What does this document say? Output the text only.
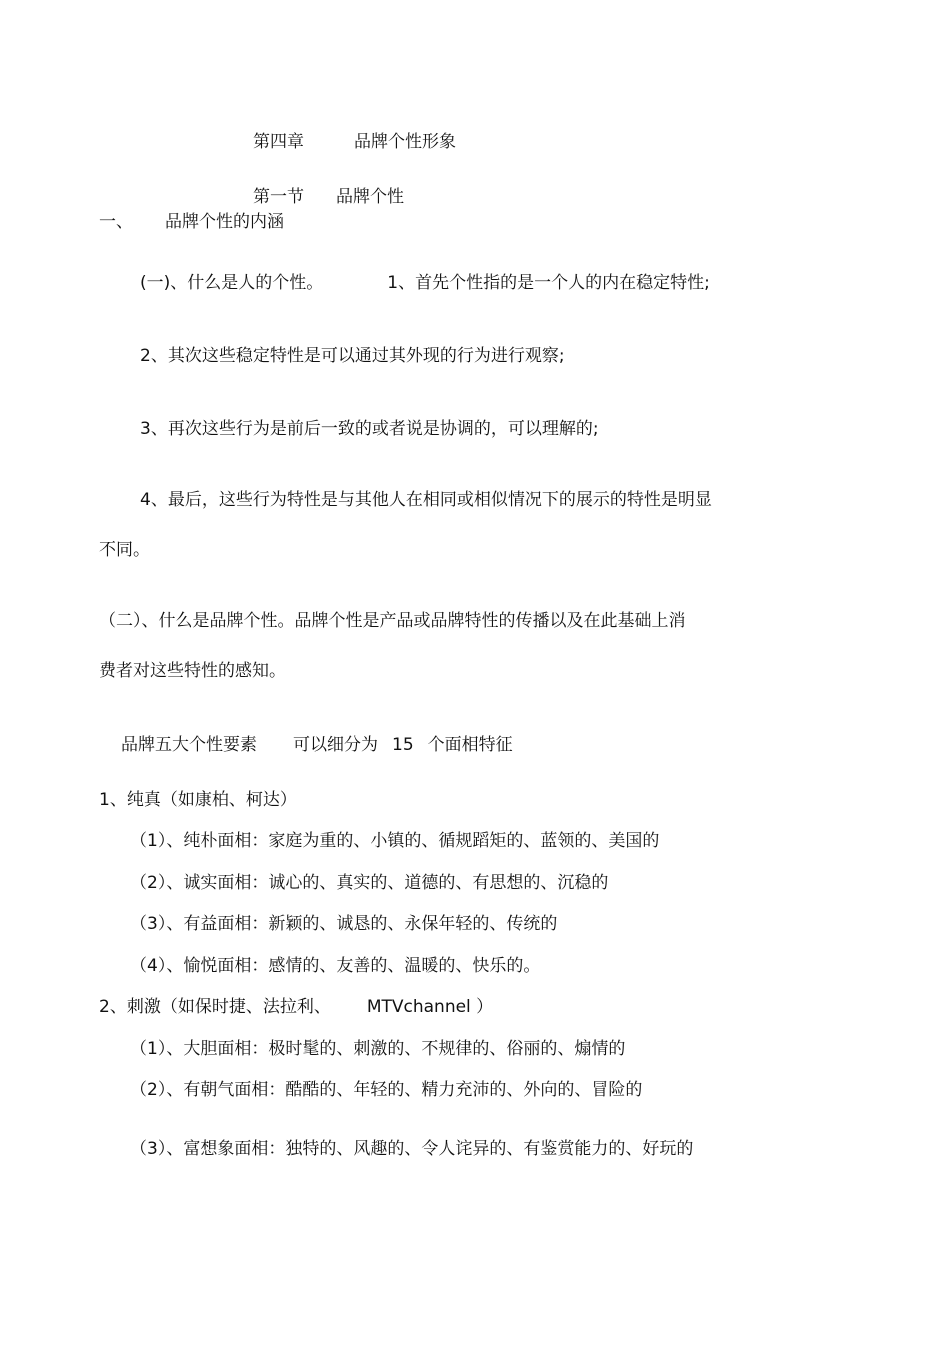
第四章	品牌个性形象

第一节 品牌个性

一、 品牌个性的内涵

(一)、什么是人的个性。	1、首先个性指的是一个人的内在稳定特性;

2、其次这些稳定特性是可以通过其外现的行为进行观察;

3、再次这些行为是前后一致的或者说是协调的，可以理解的;

4、最后，这些行为特性是与其他人在相同或相似情况下的展示的特性是明显

不同。

（二）、什么是品牌个性。品牌个性是产品或品牌特性的传播以及在此基础上消

费者对这些特性的感知。

品牌五大个性要素 可以细分为 15 个面相特征

1、纯真（如康柏、柯达）

（1）、纯朴面相：家庭为重的、小镇的、循规蹈矩的、蓝领的、美国的

（2）、诚实面相：诚心的、真实的、道德的、有思想的、沉稳的

（3）、有益面相：新颖的、诚恳的、永保年轻的、传统的

（4）、愉悦面相：感情的、友善的、温暖的、快乐的。

2、刺激（如保时捷、法拉利、 MTVchannel ）

（1）、大胆面相：极时髦的、刺激的、不规律的、俗丽的、煽情的

（2）、有朝气面相：酷酷的、年轻的、精力充沛的、外向的、冒险的

（3）、富想象面相：独特的、风趣的、令人诧异的、有鉴赏能力的、好玩的
